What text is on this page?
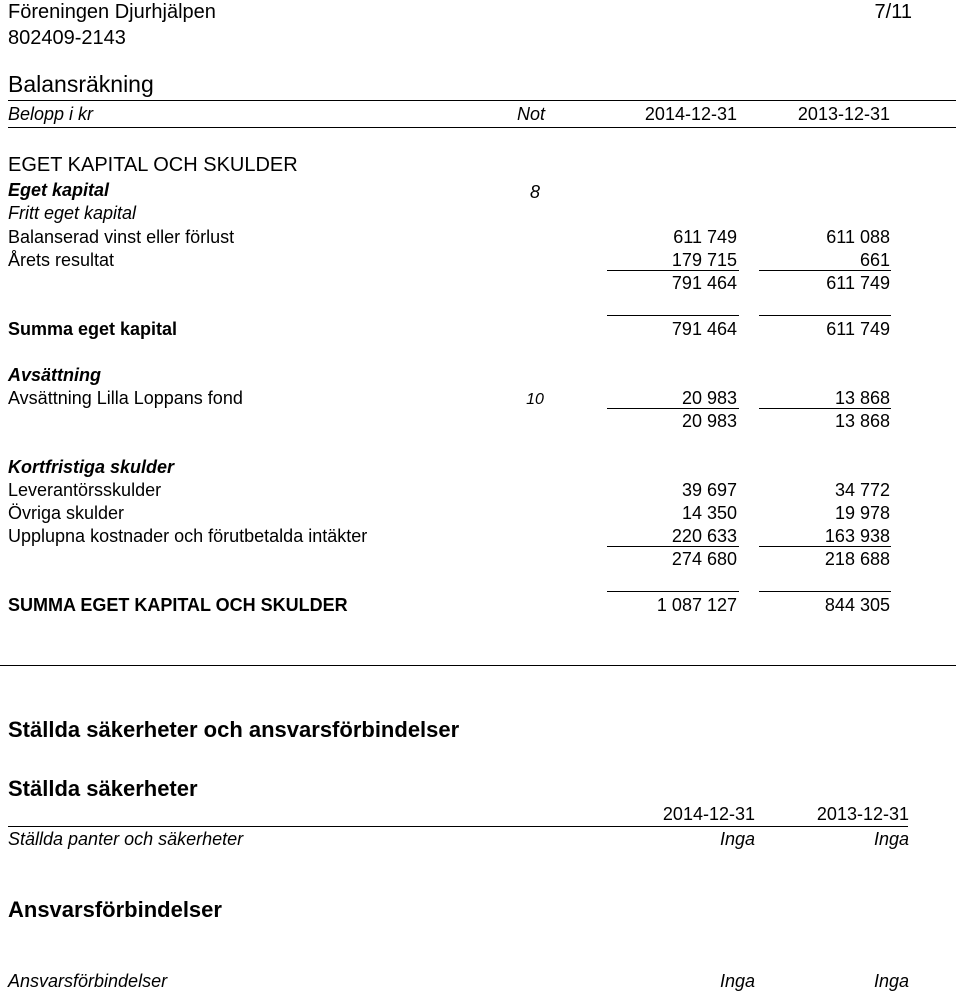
Föreningen Djurhjälpen	7/11
802409-2143
Balansräkning
Belopp i kr	Not	2014-12-31	2013-12-31
EGET KAPITAL OCH SKULDER
Eget kapital	8
Fritt eget kapital
Balanserad vinst eller förlust	611 749	611 088
Årets resultat	179 715	661
791 464	611 749
Summa eget kapital	791 464	611 749
Avsättning
Avsättning Lilla Loppans fond	10	20 983	13 868
20 983	13 868
Kortfristiga skulder
Leverantörsskulder	39 697	34 772
Övriga skulder	14 350	19 978
Upplupna kostnader och förutbetalda intäkter	220 633	163 938
274 680	218 688
SUMMA EGET KAPITAL OCH SKULDER	1 087 127	844 305
Ställda säkerheter och ansvarsförbindelser
Ställda säkerheter
2014-12-31	2013-12-31
Ställda panter och säkerheter	Inga	Inga
Ansvarsförbindelser
Ansvarsförbindelser	Inga	Inga
